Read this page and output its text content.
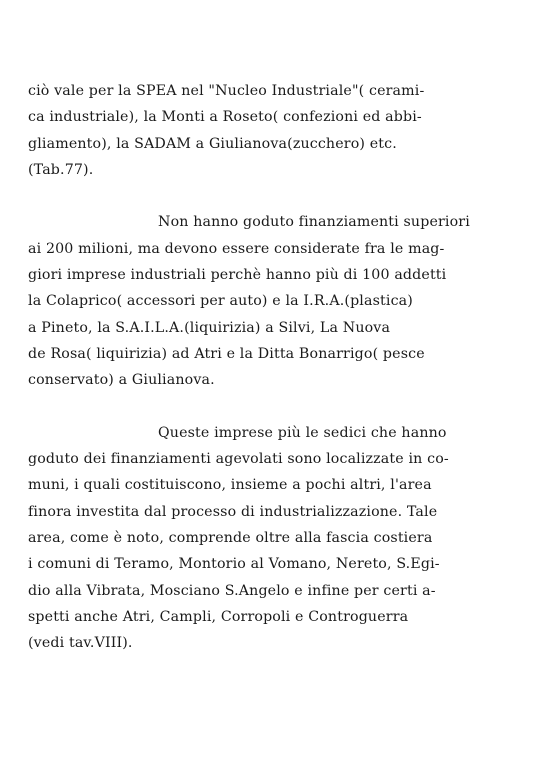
ciò vale per la SPEA nel "Nucleo Industriale"( cerami-
ca industriale), la Monti a Roseto( confezioni ed abbi-
gliamento), la SADAM a Giulianova(zucchero) etc.
(Tab.77).
Non hanno goduto finanziamenti superiori
ai 200 milioni, ma devono essere considerate fra le mag-
giori imprese industriali perchè hanno più di 100 addetti
la Colaprico( accessori per auto) e la I.R.A.(plastica)
a Pineto, la S.A.I.L.A.(liquirizia) a Silvi, La Nuova
de Rosa( liquirizia) ad Atri e la Ditta Bonarrigo( pesce
conservato) a Giulianova.
Queste imprese più le sedici che hanno
goduto dei finanziamenti agevolati sono localizzate in co-
muni, i quali costituiscono, insieme a pochi altri, l'area
finora investita dal processo di industrializzazione. Tale
area, come è noto, comprende oltre alla fascia costiera
i comuni di Teramo, Montorio al Vomano, Nereto, S.Egi-
dio alla Vibrata, Mosciano S.Angelo e infine per certi a-
spetti anche Atri, Campli, Corropoli e Controguerra
(vedi tav.VIII).
